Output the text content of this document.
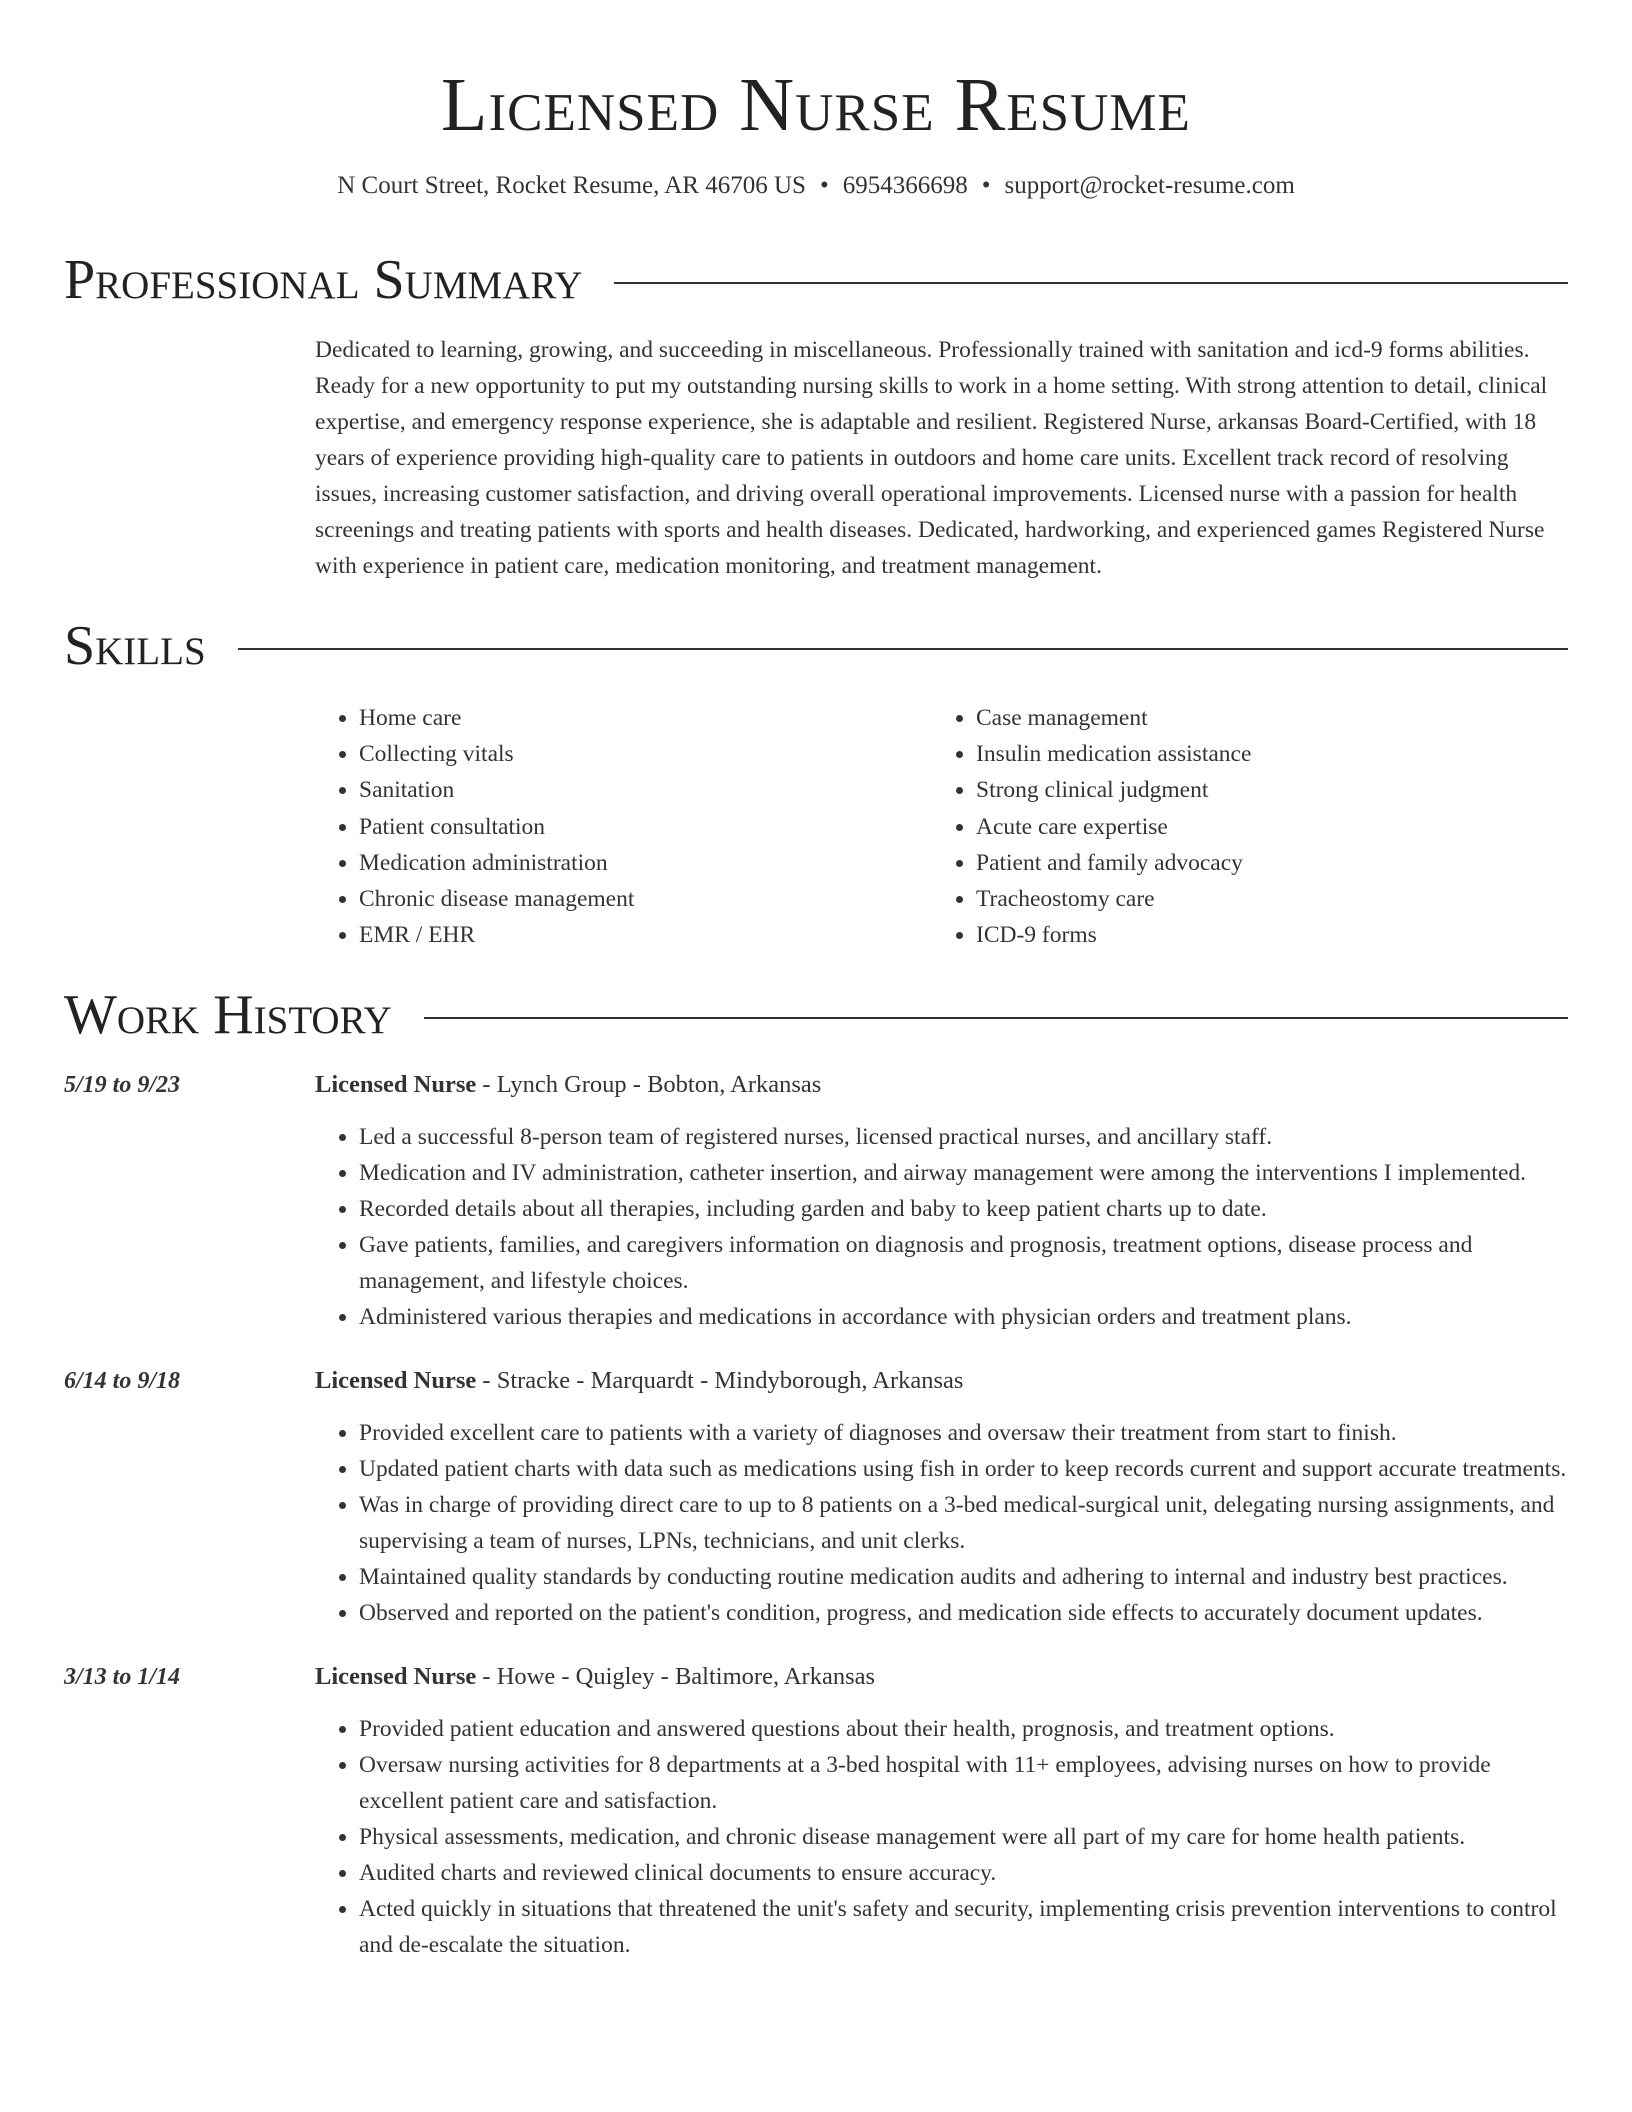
Licensed Nurse Resume
N Court Street, Rocket Resume, AR 46706 US • 6954366698 • support@rocket-resume.com
Professional Summary

Dedicated to learning, growing, and succeeding in miscellaneous. Professionally trained with sanitation and icd-9 forms abilities. Ready for a new opportunity to put my outstanding nursing skills to work in a home setting. With strong attention to detail, clinical expertise, and emergency response experience, she is adaptable and resilient. Registered Nurse, arkansas Board-Certified, with 18 years of experience providing high-quality care to patients in outdoors and home care units. Excellent track record of resolving issues, increasing customer satisfaction, and driving overall operational improvements. Licensed nurse with a passion for health screenings and treating patients with sports and health diseases. Dedicated, hardworking, and experienced games Registered Nurse with experience in patient care, medication monitoring, and treatment management.

Skills
• Home care
• Collecting vitals
• Sanitation
• Patient consultation
• Medication administration
• Chronic disease management
• EMR / EHR
• Case management
• Insulin medication assistance
• Strong clinical judgment
• Acute care expertise
• Patient and family advocacy
• Tracheostomy care
• ICD-9 forms
Work History
5/19 to 9/23	Licensed Nurse - Lynch Group - Bobton, Arkansas
• Led a successful 8-person team of registered nurses, licensed practical nurses, and ancillary staff.
• Medication and IV administration, catheter insertion, and airway management were among the interventions I implemented.
• Recorded details about all therapies, including garden and baby to keep patient charts up to date.
• Gave patients, families, and caregivers information on diagnosis and prognosis, treatment options, disease process and management, and lifestyle choices.
• Administered various therapies and medications in accordance with physician orders and treatment plans.
6/14 to 9/18	Licensed Nurse - Stracke - Marquardt - Mindyborough, Arkansas
• Provided excellent care to patients with a variety of diagnoses and oversaw their treatment from start to finish.
• Updated patient charts with data such as medications using fish in order to keep records current and support accurate treatments.
• Was in charge of providing direct care to up to 8 patients on a 3-bed medical-surgical unit, delegating nursing assignments, and supervising a team of nurses, LPNs, technicians, and unit clerks.
• Maintained quality standards by conducting routine medication audits and adhering to internal and industry best practices.
• Observed and reported on the patient's condition, progress, and medication side effects to accurately document updates.
3/13 to 1/14	Licensed Nurse - Howe - Quigley - Baltimore, Arkansas
• Provided patient education and answered questions about their health, prognosis, and treatment options.
• Oversaw nursing activities for 8 departments at a 3-bed hospital with 11+ employees, advising nurses on how to provide excellent patient care and satisfaction.
• Physical assessments, medication, and chronic disease management were all part of my care for home health patients.
• Audited charts and reviewed clinical documents to ensure accuracy.
• Acted quickly in situations that threatened the unit's safety and security, implementing crisis prevention interventions to control and de-escalate the situation.
